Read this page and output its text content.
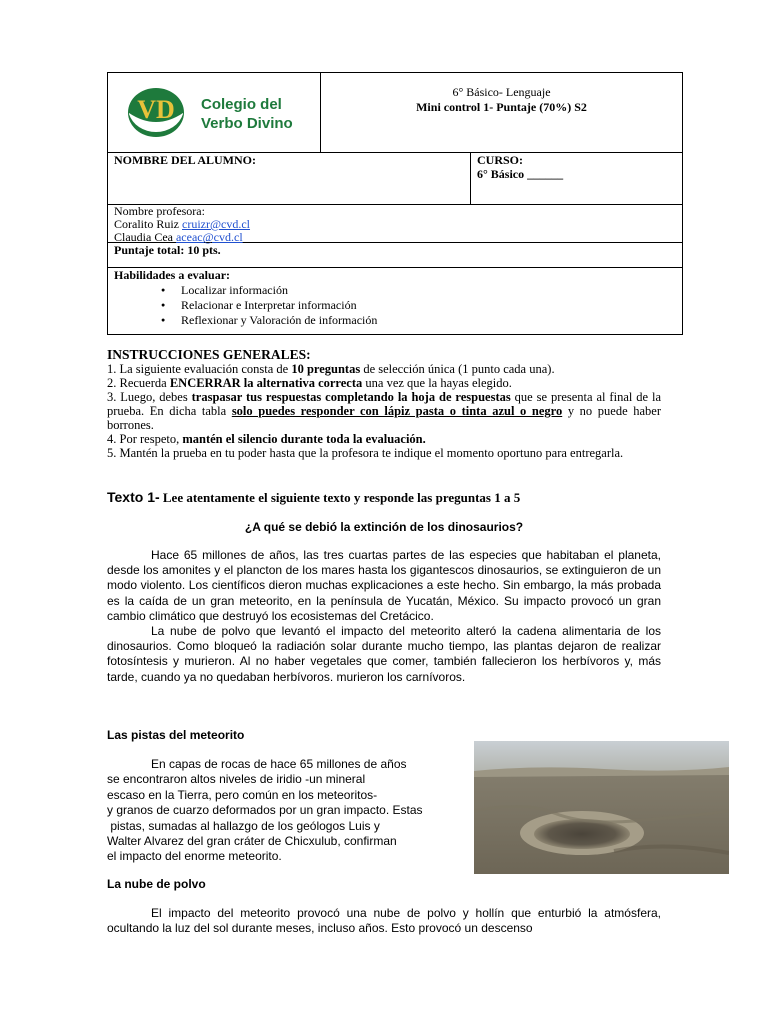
VD Colegio del
Verbo Divino
6° Básico- Lenguaje
Mini control 1- Puntaje (70%) S2
NOMBRE DEL ALUMNO:	CURSO:
6° Básico ______
Nombre profesora:
Coralito Ruiz cruizr@cvd.cl
Claudia Cea aceac@cvd.cl
Puntaje total: 10 pts.
Habilidades a evaluar:
● Localizar información
● Relacionar e Interpretar información
● Reflexionar y Valoración de información

INSTRUCCIONES GENERALES:

1. La siguiente evaluación consta de 10 preguntas de selección única (1 punto cada una).

2. Recuerda ENCERRAR la alternativa correcta una vez que la hayas elegido.

3. Luego, debes traspasar tus respuestas completando la hoja de respuestas que se presenta al final de la prueba. En dicha tabla solo puedes responder con lápiz pasta o tinta azul o negro y no puede haber borrones.

4. Por respeto, mantén el silencio durante toda la evaluación.

5. Mantén la prueba en tu poder hasta que la profesora te indique el momento oportuno para entregarla.

Texto 1- Lee atentamente el siguiente texto y responde las preguntas 1 a 5
¿A qué se debió la extinción de los dinosaurios?

Hace 65 millones de años, las tres cuartas partes de las especies que habitaban el planeta, desde los amonites y el plancton de los mares hasta los gigantescos dinosaurios, se extinguieron de un modo violento. Los científicos dieron muchas explicaciones a este hecho. Sin embargo, la más probada es la caída de un gran meteorito, en la península de Yucatán, México. Su impacto provocó un gran cambio climático que destruyó los ecosistemas del Cretácico.

La nube de polvo que levantó el impacto del meteorito alteró la cadena alimentaria de los dinosaurios. Como bloqueó la radiación solar durante mucho tiempo, las plantas dejaron de realizar fotosíntesis y murieron. Al no haber vegetales que comer, también fallecieron los herbívoros y, más tarde, cuando ya no quedaban herbívoros. murieron los carnívoros.

Las pistas del meteorito
En capas de rocas de hace 65 millones de años
se encontraron altos niveles de iridio -un mineral
escaso en la Tierra, pero común en los meteoritos-
y granos de cuarzo deformados por un gran impacto. Estas
pistas, sumadas al hallazgo de los geólogos Luis y
Walter Alvarez del gran cráter de Chicxulub, confirman
el impacto del enorme meteorito.
La nube de polvo

El impacto del meteorito provocó una nube de polvo y hollín que enturbió la atmósfera, ocultando la luz del sol durante meses, incluso años. Esto provocó un descenso
